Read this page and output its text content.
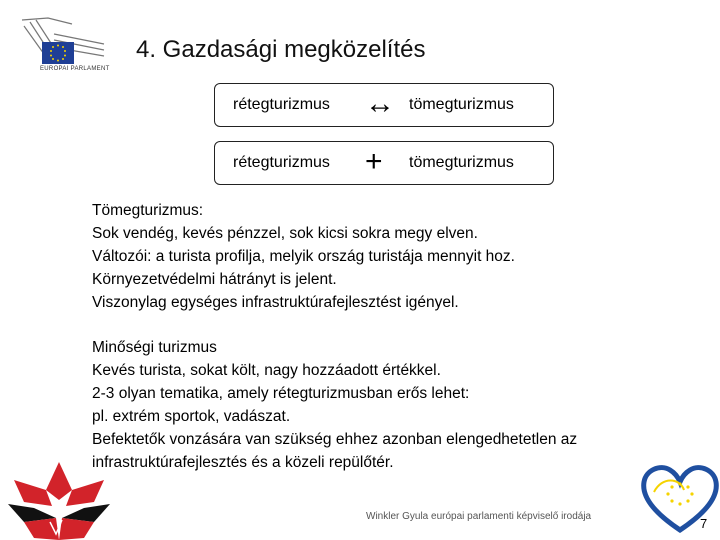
EUROPAI PARLAMENT
4. Gazdasági megközelítés
rétegturizmus ↔ tömegturizmus
rétegturizmus + tömegturizmus

Tömegturizmus:

Sok vendég, kevés pénzzel, sok kicsi sokra megy elven.

Változói: a turista profilja, melyik ország turistája mennyit hoz.

Környezetvédelmi hátrányt is jelent.

Viszonylag egységes infrastruktúrafejlesztést igényel.

Minőségi turizmus

Kevés turista, sokat költ, nagy hozzáadott értékkel.

2-3 olyan tematika, amely rétegturizmusban erős lehet:

pl. extrém sportok, vadászat.

Befektetők vonzására van szükség ehhez azonban elengedhetetlen az

infrastruktúrafejlesztés és a közeli repülőtér.

Winkler Gyula európai parlamenti képviselő irodája	7
